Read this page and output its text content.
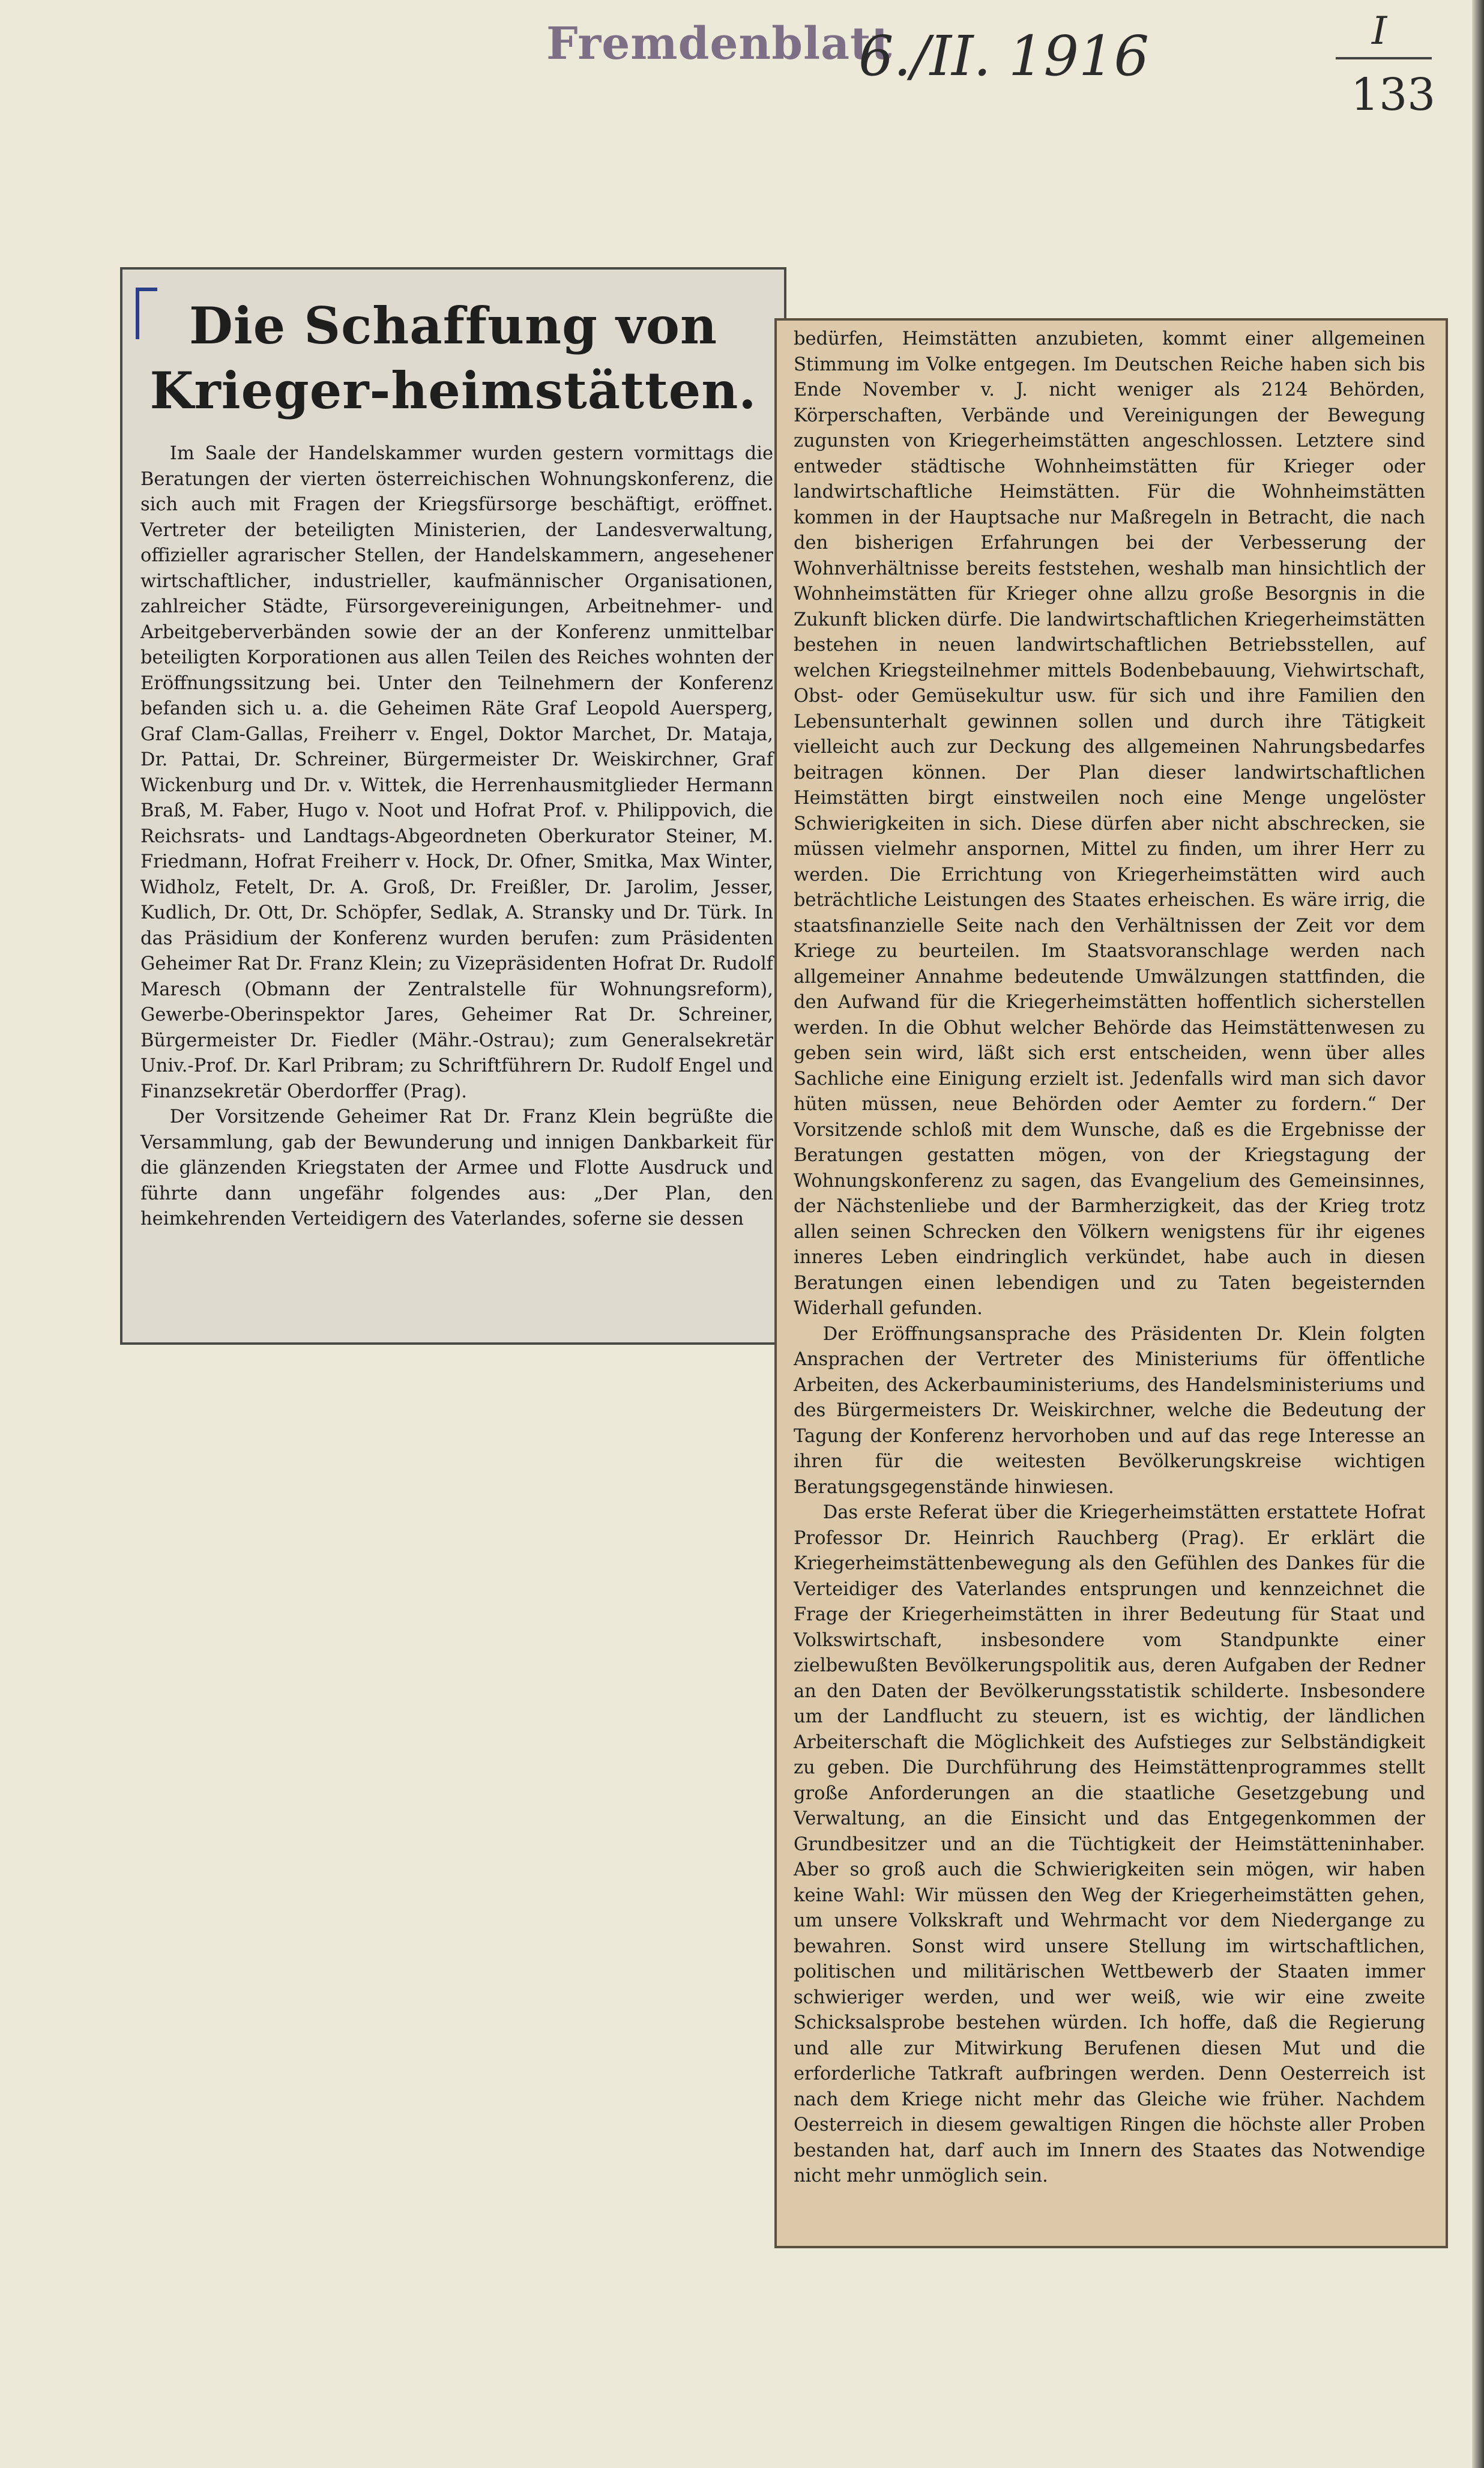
Fremdenblatt
6./II. 1916	I
133
Die Schaffung von Krieger-heimstätten.

Im Saale der Handelskammer wurden gestern vormittags die Beratungen der vierten österreichischen Wohnungskonferenz, die sich auch mit Fragen der Kriegsfürsorge beschäftigt, eröffnet. Vertreter der beteiligten Ministerien, der Landesverwaltung, offizieller agrarischer Stellen, der Handelskammern, angesehener wirtschaftlicher, industrieller, kaufmännischer Organisationen, zahlreicher Städte, Fürsorgevereinigungen, Arbeitnehmer- und Arbeitgeberverbänden sowie der an der Konferenz unmittelbar beteiligten Korporationen aus allen Teilen des Reiches wohnten der Eröffnungssitzung bei. Unter den Teilnehmern der Konferenz befanden sich u. a. die Geheimen Räte Graf Leopold Auersperg, Graf Clam-Gallas, Freiherr v. Engel, Doktor Marchet, Dr. Mataja, Dr. Pattai, Dr. Schreiner, Bürgermeister Dr. Weiskirchner, Graf Wickenburg und Dr. v. Wittek, die Herrenhausmitglieder Hermann Braß, M. Faber, Hugo v. Noot und Hofrat Prof. v. Philippovich, die Reichsrats- und Landtags-Abgeordneten Oberkurator Steiner, M. Friedmann, Hofrat Freiherr v. Hock, Dr. Ofner, Smitka, Max Winter, Widholz, Fetelt, Dr. A. Groß, Dr. Freißler, Dr. Jarolim, Jesser, Kudlich, Dr. Ott, Dr. Schöpfer, Sedlak, A. Stransky und Dr. Türk. In das Präsidium der Konferenz wurden berufen: zum Präsidenten Geheimer Rat Dr. Franz Klein; zu Vizepräsidenten Hofrat Dr. Rudolf Maresch (Obmann der Zentralstelle für Wohnungsreform), Gewerbe-Oberinspektor Jares, Geheimer Rat Dr. Schreiner, Bürgermeister Dr. Fiedler (Mähr.-Ostrau); zum Generalsekretär Univ.-Prof. Dr. Karl Pribram; zu Schriftführern Dr. Rudolf Engel und Finanzsekretär Oberdorffer (Prag).

Der Vorsitzende Geheimer Rat Dr. Franz Klein begrüßte die Versammlung, gab der Bewunderung und innigen Dankbarkeit für die glänzenden Kriegstaten der Armee und Flotte Ausdruck und führte dann ungefähr folgendes aus: „Der Plan, den heimkehrenden Verteidigern des Vaterlandes, soferne sie dessen

bedürfen, Heimstätten anzubieten, kommt einer allgemeinen Stimmung im Volke entgegen. Im Deutschen Reiche haben sich bis Ende November v. J. nicht weniger als 2124 Behörden, Körperschaften, Verbände und Vereinigungen der Bewegung zugunsten von Kriegerheimstätten angeschlossen. Letztere sind entweder städtische Wohnheimstätten für Krieger oder landwirtschaftliche Heimstätten. Für die Wohnheimstätten kommen in der Hauptsache nur Maßregeln in Betracht, die nach den bisherigen Erfahrungen bei der Verbesserung der Wohnverhältnisse bereits feststehen, weshalb man hinsichtlich der Wohnheimstätten für Krieger ohne allzu große Besorgnis in die Zukunft blicken dürfe. Die landwirtschaftlichen Kriegerheimstätten bestehen in neuen landwirtschaftlichen Betriebsstellen, auf welchen Kriegsteilnehmer mittels Bodenbebauung, Viehwirtschaft, Obst- oder Gemüsekultur usw. für sich und ihre Familien den Lebensunterhalt gewinnen sollen und durch ihre Tätigkeit vielleicht auch zur Deckung des allgemeinen Nahrungsbedarfes beitragen können. Der Plan dieser landwirtschaftlichen Heimstätten birgt einstweilen noch eine Menge ungelöster Schwierigkeiten in sich. Diese dürfen aber nicht abschrecken, sie müssen vielmehr anspornen, Mittel zu finden, um ihrer Herr zu werden. Die Errichtung von Kriegerheimstätten wird auch beträchtliche Leistungen des Staates erheischen. Es wäre irrig, die staatsfinanzielle Seite nach den Verhältnissen der Zeit vor dem Kriege zu beurteilen. Im Staatsvoranschlage werden nach allgemeiner Annahme bedeutende Umwälzungen stattfinden, die den Aufwand für die Kriegerheimstätten hoffentlich sicherstellen werden. In die Obhut welcher Behörde das Heimstättenwesen zu geben sein wird, läßt sich erst entscheiden, wenn über alles Sachliche eine Einigung erzielt ist. Jedenfalls wird man sich davor hüten müssen, neue Behörden oder Aemter zu fordern.“ Der Vorsitzende schloß mit dem Wunsche, daß es die Ergebnisse der Beratungen gestatten mögen, von der Kriegstagung der Wohnungskonferenz zu sagen, das Evangelium des Gemeinsinnes, der Nächstenliebe und der Barmherzigkeit, das der Krieg trotz allen seinen Schrecken den Völkern wenigstens für ihr eigenes inneres Leben eindringlich verkündet, habe auch in diesen Beratungen einen lebendigen und zu Taten begeisternden Widerhall gefunden.

Der Eröffnungsansprache des Präsidenten Dr. Klein folgten Ansprachen der Vertreter des Ministeriums für öffentliche Arbeiten, des Ackerbauministeriums, des Handelsministeriums und des Bürgermeisters Dr. Weiskirchner, welche die Bedeutung der Tagung der Konferenz hervorhoben und auf das rege Interesse an ihren für die weitesten Bevölkerungskreise wichtigen Beratungsgegenstände hinwiesen.

Das erste Referat über die Kriegerheimstätten erstattete Hofrat Professor Dr. Heinrich Rauchberg (Prag). Er erklärt die Kriegerheimstättenbewegung als den Gefühlen des Dankes für die Verteidiger des Vaterlandes entsprungen und kennzeichnet die Frage der Kriegerheimstätten in ihrer Bedeutung für Staat und Volkswirtschaft, insbesondere vom Standpunkte einer zielbewußten Bevölkerungspolitik aus, deren Aufgaben der Redner an den Daten der Bevölkerungsstatistik schilderte. Insbesondere um der Landflucht zu steuern, ist es wichtig, der ländlichen Arbeiterschaft die Möglichkeit des Aufstieges zur Selbständigkeit zu geben. Die Durchführung des Heimstättenprogrammes stellt große Anforderungen an die staatliche Gesetzgebung und Verwaltung, an die Einsicht und das Entgegenkommen der Grundbesitzer und an die Tüchtigkeit der Heimstätteninhaber. Aber so groß auch die Schwierigkeiten sein mögen, wir haben keine Wahl: Wir müssen den Weg der Kriegerheimstätten gehen, um unsere Volkskraft und Wehrmacht vor dem Niedergange zu bewahren. Sonst wird unsere Stellung im wirtschaftlichen, politischen und militärischen Wettbewerb der Staaten immer schwieriger werden, und wer weiß, wie wir eine zweite Schicksalsprobe bestehen würden. Ich hoffe, daß die Regierung und alle zur Mitwirkung Berufenen diesen Mut und die erforderliche Tatkraft aufbringen werden. Denn Oesterreich ist nach dem Kriege nicht mehr das Gleiche wie früher. Nachdem Oesterreich in diesem gewaltigen Ringen die höchste aller Proben bestanden hat, darf auch im Innern des Staates das Notwendige nicht mehr unmöglich sein.
